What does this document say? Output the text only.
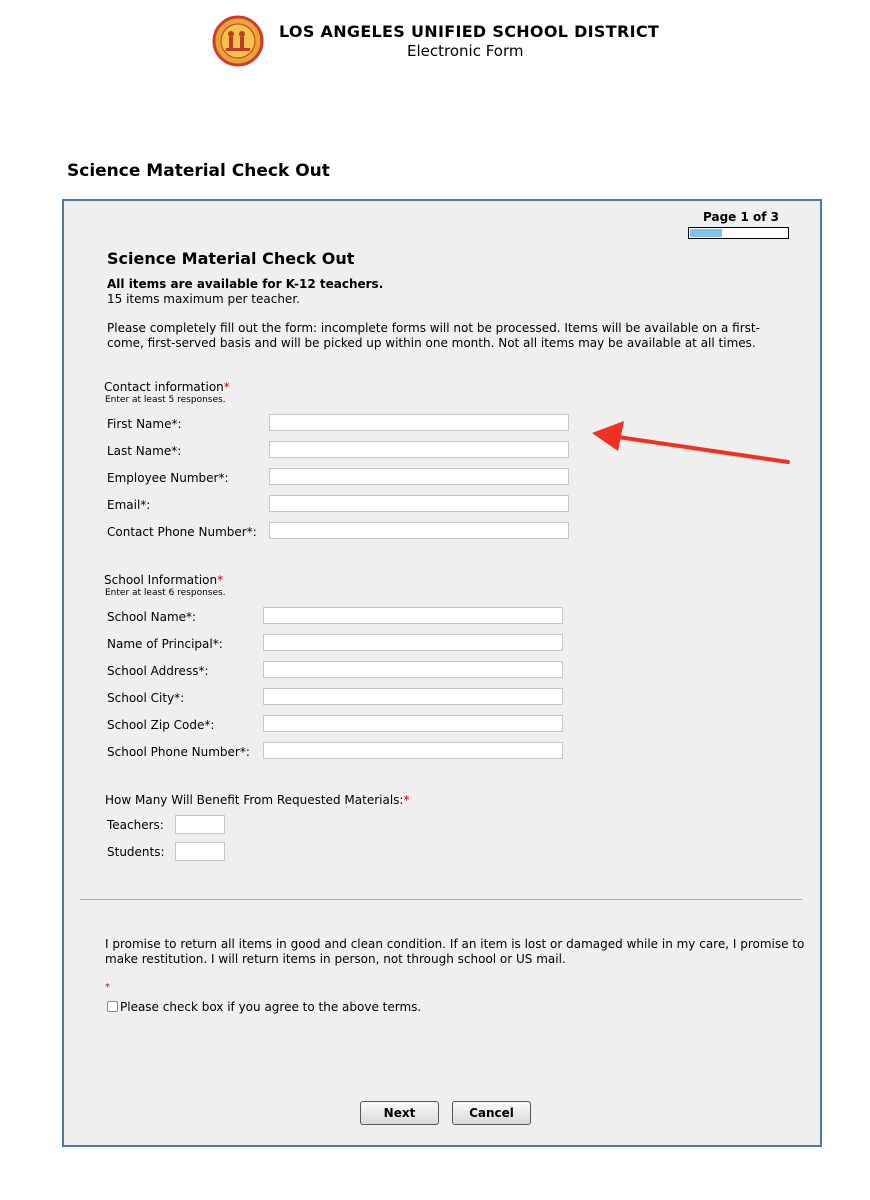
LOS ANGELES UNIFIED SCHOOL DISTRICT
Electronic Form
Science Material Check Out
Page 1 of 3
Science Material Check Out
All items are available for K-12 teachers.
15 items maximum per teacher.
Please completely fill out the form: incomplete forms will not be processed. Items will be available on a first-come, first-served basis and will be picked up within one month. Not all items may be available at all times.
Contact information*
Enter at least 5 responses.
First Name*:
Last Name*:
Employee Number*:
Email*:
Contact Phone Number*:
School Information*
Enter at least 6 responses.
School Name*:
Name of Principal*:
School Address*:
School City*:
School Zip Code*:
School Phone Number*:
How Many Will Benefit From Requested Materials:*
Teachers:
Students:
I promise to return all items in good and clean condition. If an item is lost or damaged while in my care, I promise to make restitution. I will return items in person, not through school or US mail.
*
Please check box if you agree to the above terms.
Next	Cancel
